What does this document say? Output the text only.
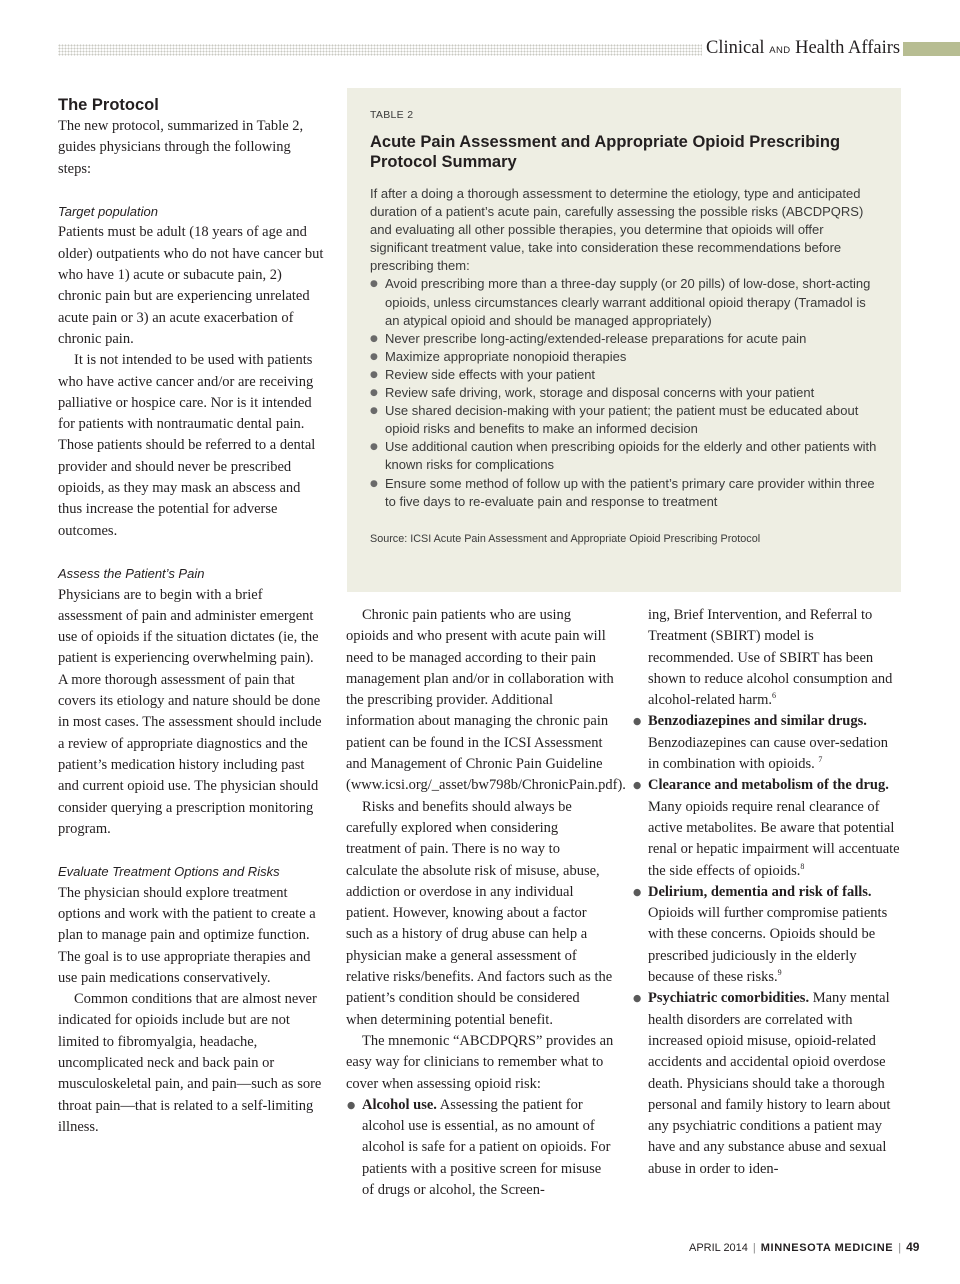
Clinical AND Health Affairs
The Protocol

The new protocol, summarized in Table 2, guides physicians through the following steps:

Target population

Patients must be adult (18 years of age and older) outpatients who do not have cancer but who have 1) acute or subacute pain, 2) chronic pain but are experiencing unrelated acute pain or 3) an acute exacerbation of chronic pain.

It is not intended to be used with patients who have active cancer and/or are receiving palliative or hospice care. Nor is it intended for patients with nontraumatic dental pain. Those patients should be referred to a dental provider and should never be prescribed opioids, as they may mask an abscess and thus increase the potential for adverse outcomes.

Assess the Patient’s Pain

Physicians are to begin with a brief assessment of pain and administer emergent use of opioids if the situation dictates (ie, the patient is experiencing overwhelming pain). A more thorough assessment of pain that covers its etiology and nature should be done in most cases. The assessment should include a review of appropriate diagnostics and the patient’s medication history including past and current opioid use. The physician should consider querying a prescription monitoring program.

Evaluate Treatment Options and Risks

The physician should explore treatment options and work with the patient to create a plan to manage pain and optimize function. The goal is to use appropriate therapies and use pain medications conservatively.

Common conditions that are almost never indicated for opioids include but are not limited to fibromyalgia, headache, uncomplicated neck and back pain or musculoskeletal pain, and pain—such as sore throat pain—that is related to a self-limiting illness.

TABLE 2
Acute Pain Assessment and Appropriate Opioid Prescribing Protocol Summary

If after a doing a thorough assessment to determine the etiology, type and anticipated duration of a patient’s acute pain, carefully assessing the possible risks (ABCDPQRS) and evaluating all other possible therapies, you determine that opioids will offer significant treatment value, take into consideration these recommendations before prescribing them:

● Avoid prescribing more than a three-day supply (or 20 pills) of low-dose, short-acting opioids, unless circumstances clearly warrant additional opioid therapy (Tramadol is an atypical opioid and should be managed appropriately)
● Never prescribe long-acting/extended-release preparations for acute pain
● Maximize appropriate nonopioid therapies
● Review side effects with your patient
● Review safe driving, work, storage and disposal concerns with your patient
● Use shared decision-making with your patient; the patient must be educated about opioid risks and benefits to make an informed decision
● Use additional caution when prescribing opioids for the elderly and other patients with known risks for complications
● Ensure some method of follow up with the patient’s primary care provider within three to five days to re-evaluate pain and response to treatment

Source: ICSI Acute Pain Assessment and Appropriate Opioid Prescribing Protocol

Chronic pain patients who are using opioids and who present with acute pain will need to be managed according to their pain management plan and/or in collaboration with the prescribing provider. Additional information about managing the chronic pain patient can be found in the ICSI Assessment and Management of Chronic Pain Guideline (www.icsi.org/_asset/bw798b/ChronicPain.pdf).

Risks and benefits should always be carefully explored when considering treatment of pain. There is no way to calculate the absolute risk of misuse, abuse, addiction or overdose in any individual patient. However, knowing about a factor such as a history of drug abuse can help a physician make a general assessment of relative risks/benefits. And factors such as the patient’s condition should be considered when determining potential benefit.

The mnemonic “ABCDPQRS” provides an easy way for clinicians to remember what to cover when assessing opioid risk:

● Alcohol use. Assessing the patient for alcohol use is essential, as no amount of alcohol is safe for a patient on opioids. For patients with a positive screen for misuse of drugs or alcohol, the Screen-

ing, Brief Intervention, and Referral to Treatment (SBIRT) model is recommended. Use of SBIRT has been shown to reduce alcohol consumption and alcohol-related harm.$^6$

● Benzodiazepines and similar drugs. Benzodiazepines can cause over-sedation in combination with opioids. $^7$
● Clearance and metabolism of the drug. Many opioids require renal clearance of active metabolites. Be aware that potential renal or hepatic impairment will accentuate the side effects of opioids.$^8$
● Delirium, dementia and risk of falls. Opioids will further compromise patients with these concerns. Opioids should be prescribed judiciously in the elderly because of these risks.$^9$
● Psychiatric comorbidities. Many mental health disorders are correlated with increased opioid misuse, opioid-related accidents and accidental opioid overdose death. Physicians should take a thorough personal and family history to learn about any psychiatric conditions a patient may have and any substance abuse and sexual abuse in order to iden-
APRIL 2014 | MINNESOTA MEDICINE | 49
